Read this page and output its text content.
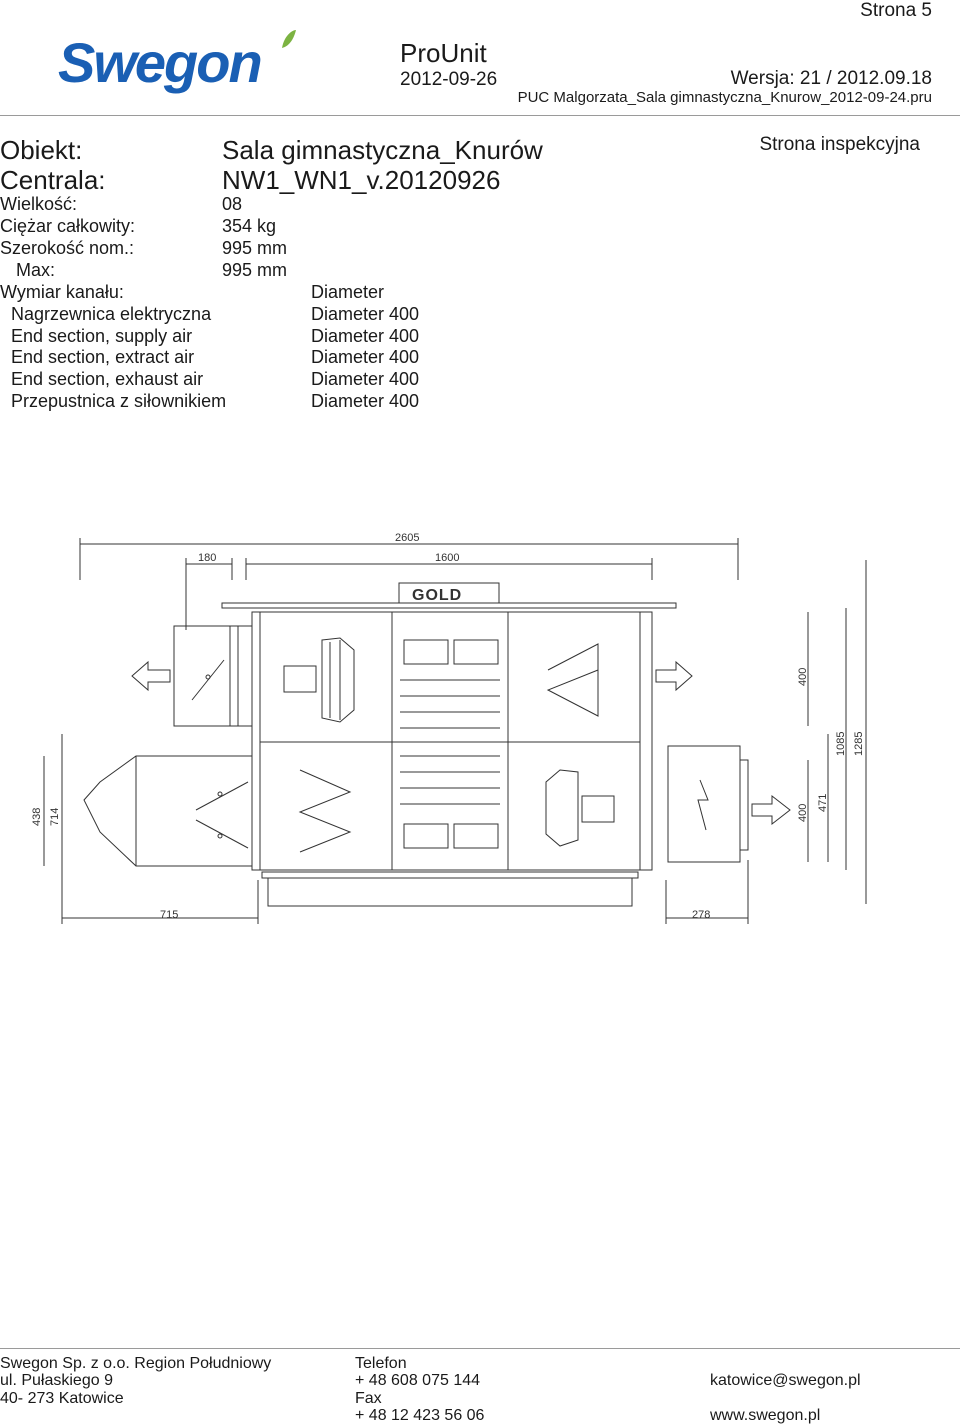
Strona 5
Swegon	ProUnit
2012-09-26	Wersja: 21 / 2012.09.18
PUC Malgorzata_Sala gimnastyczna_Knurow_2012-09-24.pru
Strona inspekcyjna
Obiekt:	Sala gimnastyczna_Knurów
Centrala:	NW1_WN1_v.20120926
Wielkość:	08
Ciężar całkowity:	354 kg
Szerokość nom.:	995 mm
Max:	995 mm
Wymiar kanału:	Diameter
Nagrzewnica elektryczna	Diameter 400
End section, supply air	Diameter 400
End section, extract air	Diameter 400
End section, exhaust air	Diameter 400
Przepustnica z siłownikiem	Diameter 400
2605
180	1600
GOLD
715	278
438 714
400
400
471
1085 1285
Swegon Sp. z o.o. Region Południowy
ul. Pułaskiego 9
40- 273 Katowice
Telefon
+ 48 608 075 144
Fax
+ 48 12 423 56 06
katowice@swegon.pl
www.swegon.pl
